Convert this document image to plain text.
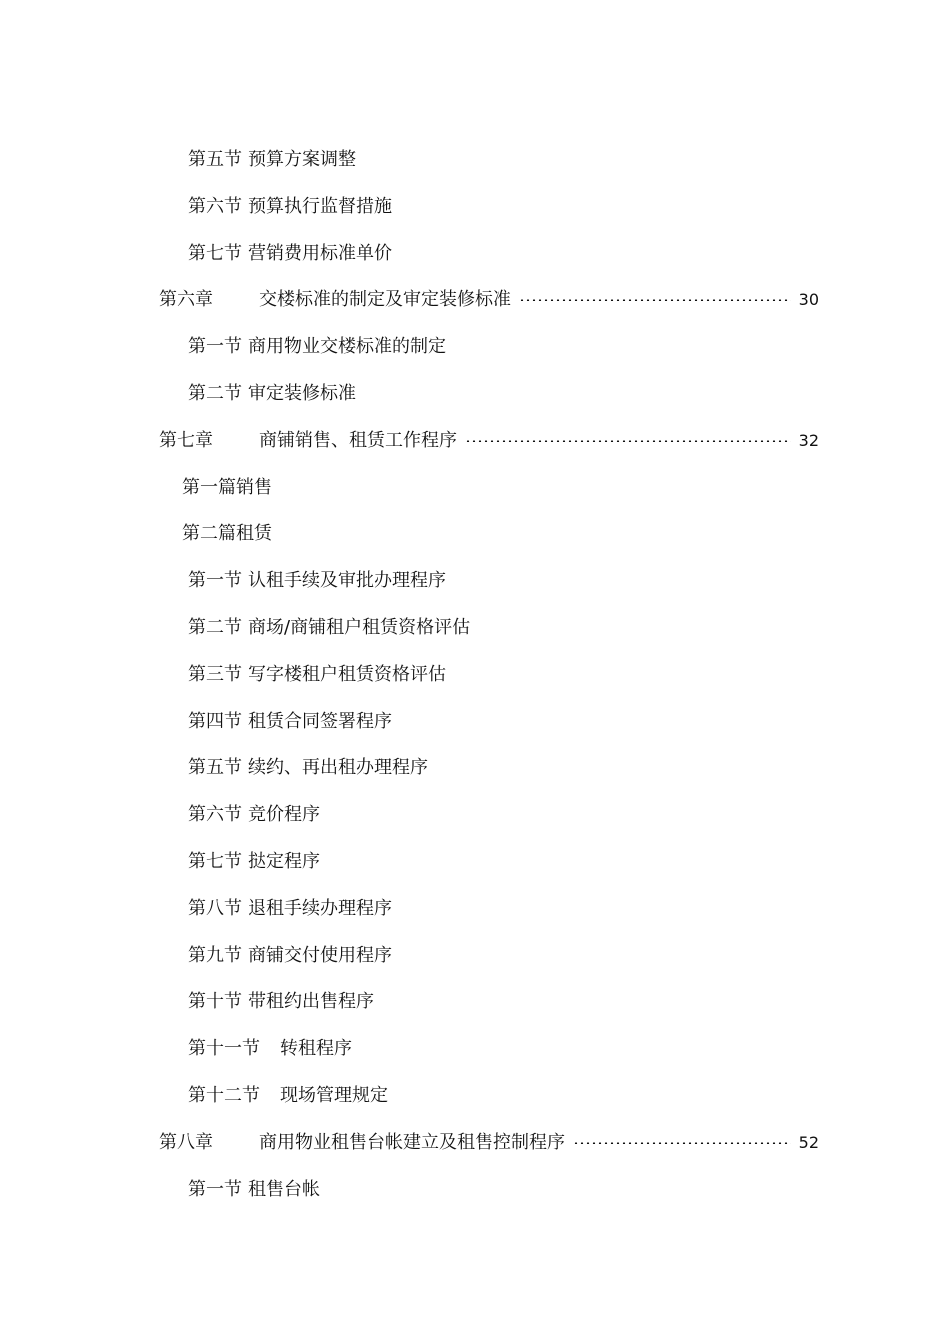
第五节 预算方案调整
第六节 预算执行监督措施
第七节 营销费用标准单价
第六章	交楼标准的制定及审定装修标准	30
第一节 商用物业交楼标准的制定
第二节 审定装修标准
第七章	商铺销售、租赁工作程序	32
第一篇销售
第二篇租赁
第一节 认租手续及审批办理程序
第二节 商场/商铺租户租赁资格评估
第三节 写字楼租户租赁资格评估
第四节 租赁合同签署程序
第五节 续约、再出租办理程序
第六节 竞价程序
第七节 挞定程序
第八节 退租手续办理程序
第九节 商铺交付使用程序
第十节 带租约出售程序
第十一节 转租程序
第十二节 现场管理规定
第八章	商用物业租售台帐建立及租售控制程序	52
第一节 租售台帐
